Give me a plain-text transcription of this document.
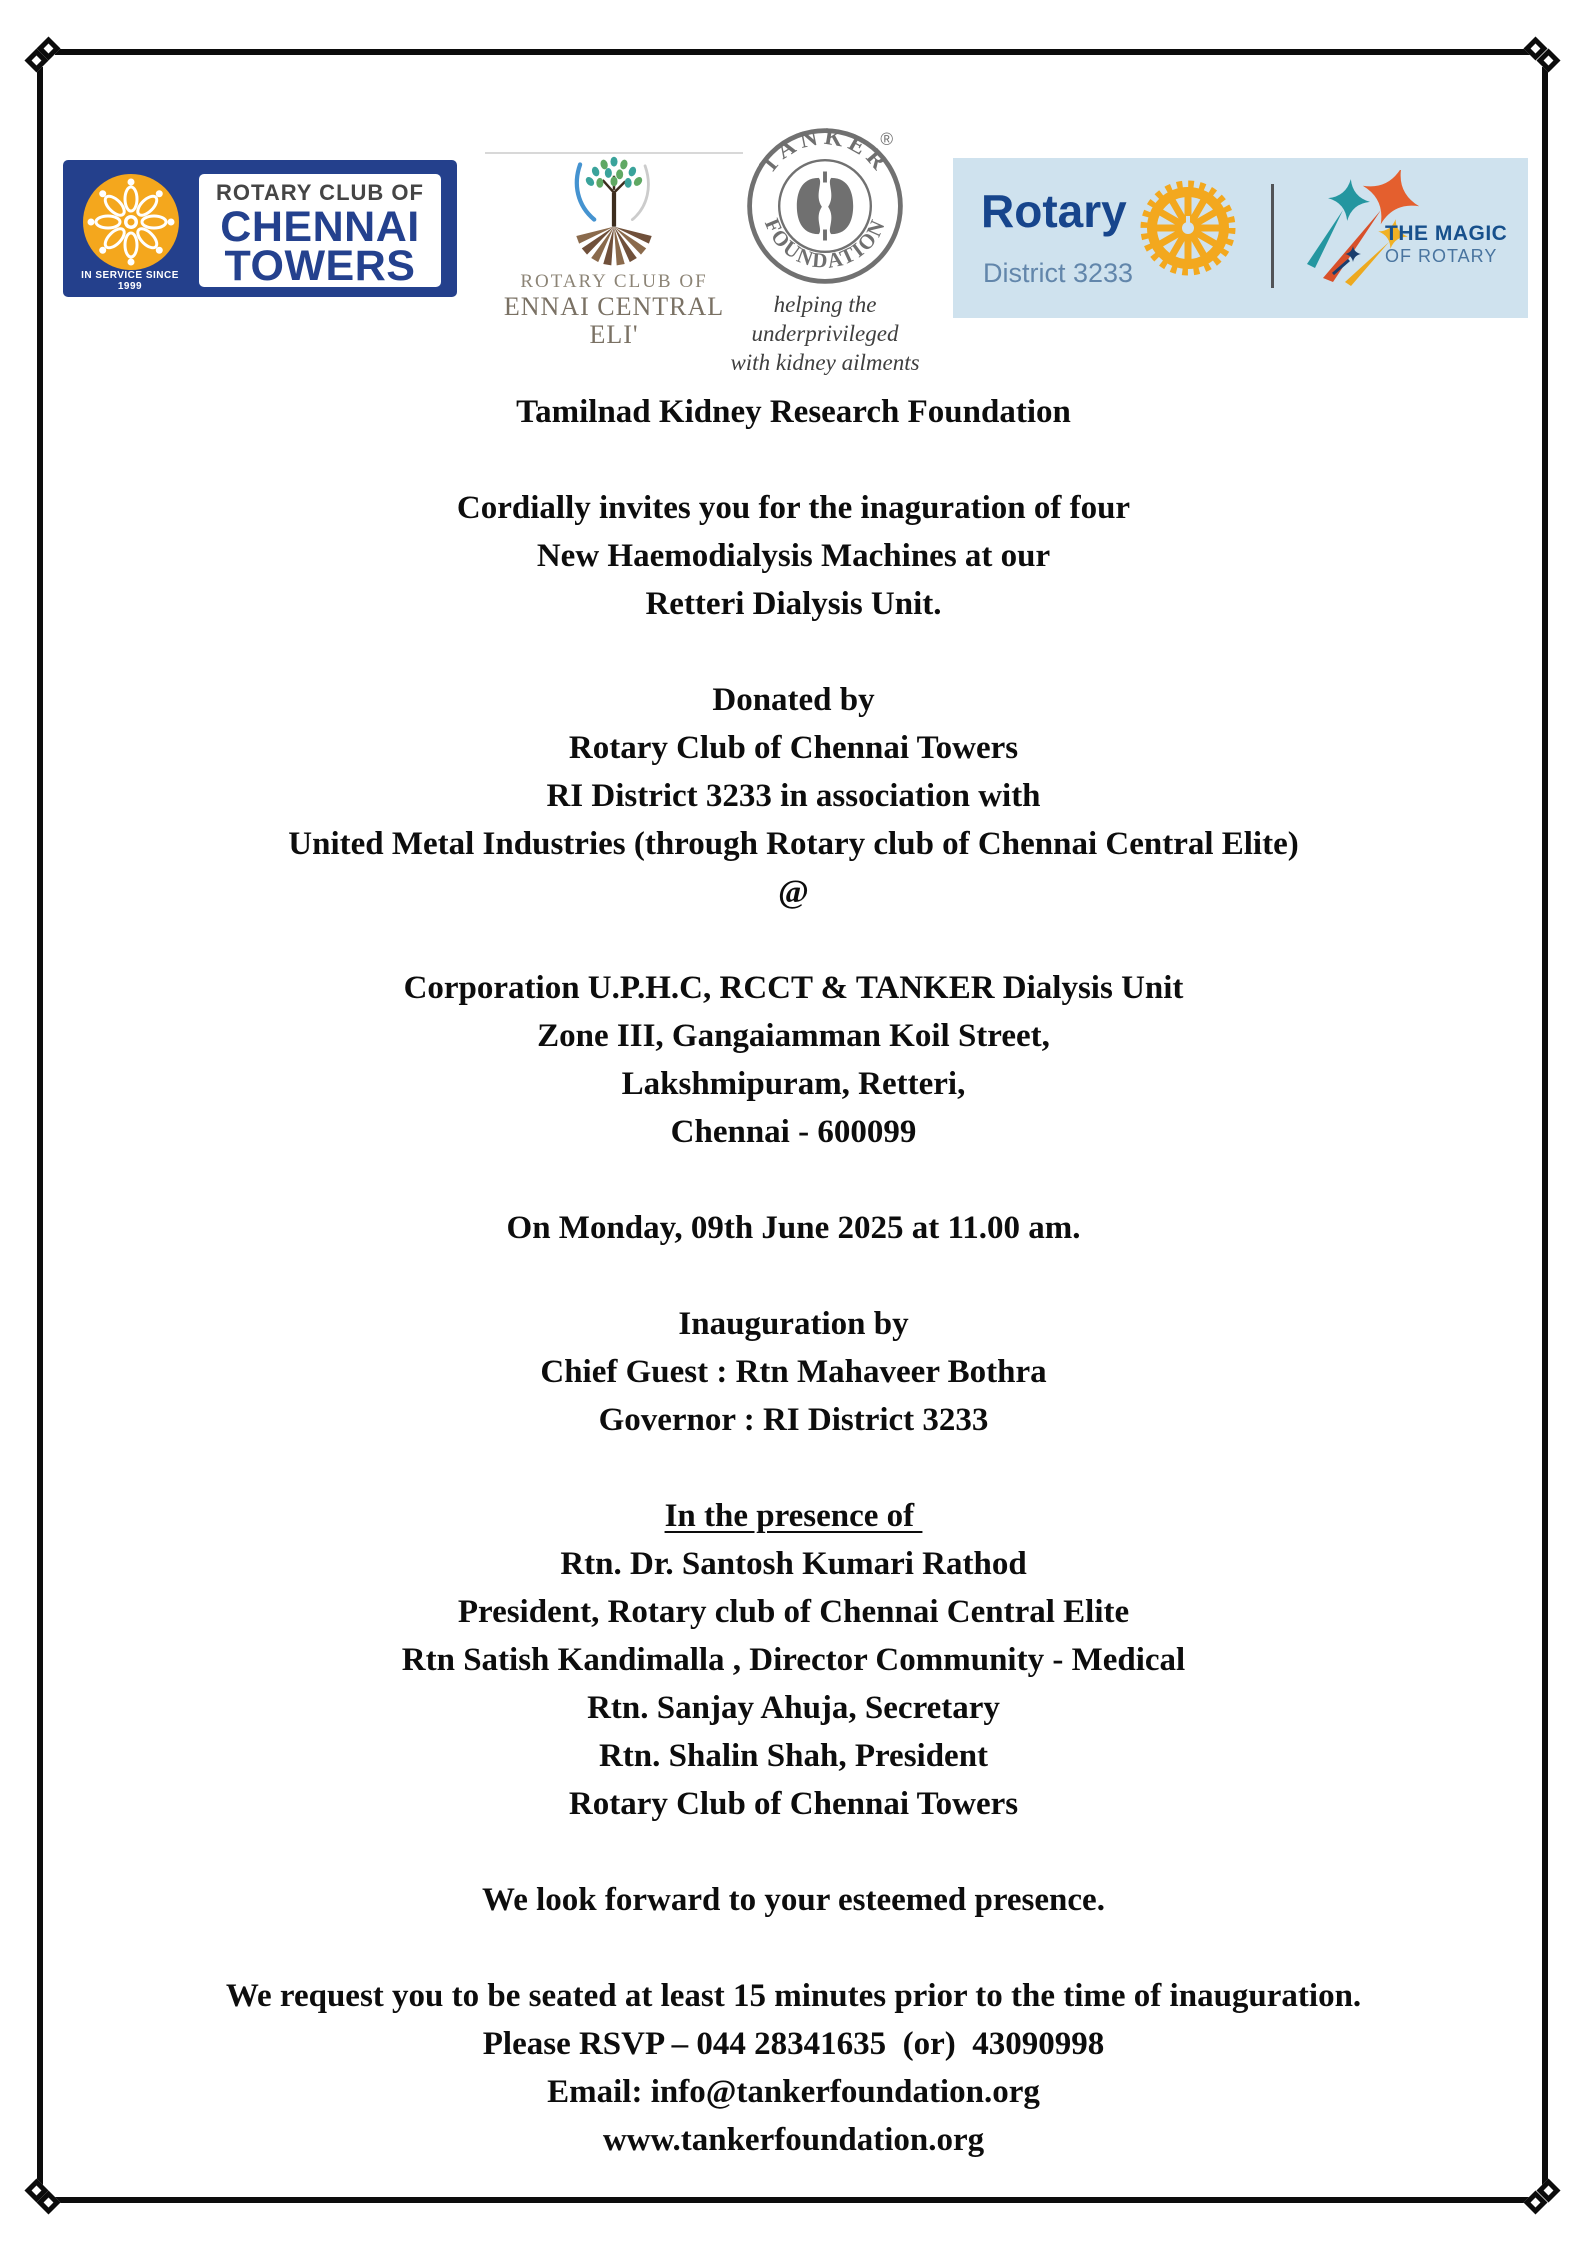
ROTARY CLUB OF
CHENNAI
TOWERS
IN SERVICE SINCE 1999	ROTARY CLUB OF
ENNAI CENTRAL ELI'
TANKER
FOUNDATION
®
helping the underprivileged
with kidney ailments
Rotary
District 3233
THE MAGIC
OF ROTARY

Tamilnad Kidney Research Foundation

Cordially invites you for the inaguration of four

New Haemodialysis Machines at our

Retteri Dialysis Unit.

Donated by

Rotary Club of Chennai Towers

RI District 3233 in association with

United Metal Industries (through Rotary club of Chennai Central Elite)

@

Corporation U.P.H.C, RCCT & TANKER Dialysis Unit

Zone III, Gangaiamman Koil Street,

Lakshmipuram, Retteri,

Chennai - 600099

On Monday, 09th June 2025 at 11.00 am.

Inauguration by

Chief Guest : Rtn Mahaveer Bothra

Governor : RI District 3233

In the presence of

Rtn. Dr. Santosh Kumari Rathod

President, Rotary club of Chennai Central Elite

Rtn Satish Kandimalla , Director Community - Medical

Rtn. Sanjay Ahuja, Secretary

Rtn. Shalin Shah, President

Rotary Club of Chennai Towers

We look forward to your esteemed presence.

We request you to be seated at least 15 minutes prior to the time of inauguration.

Please RSVP – 044 28341635  (or)  43090998

Email: info@tankerfoundation.org

www.tankerfoundation.org
